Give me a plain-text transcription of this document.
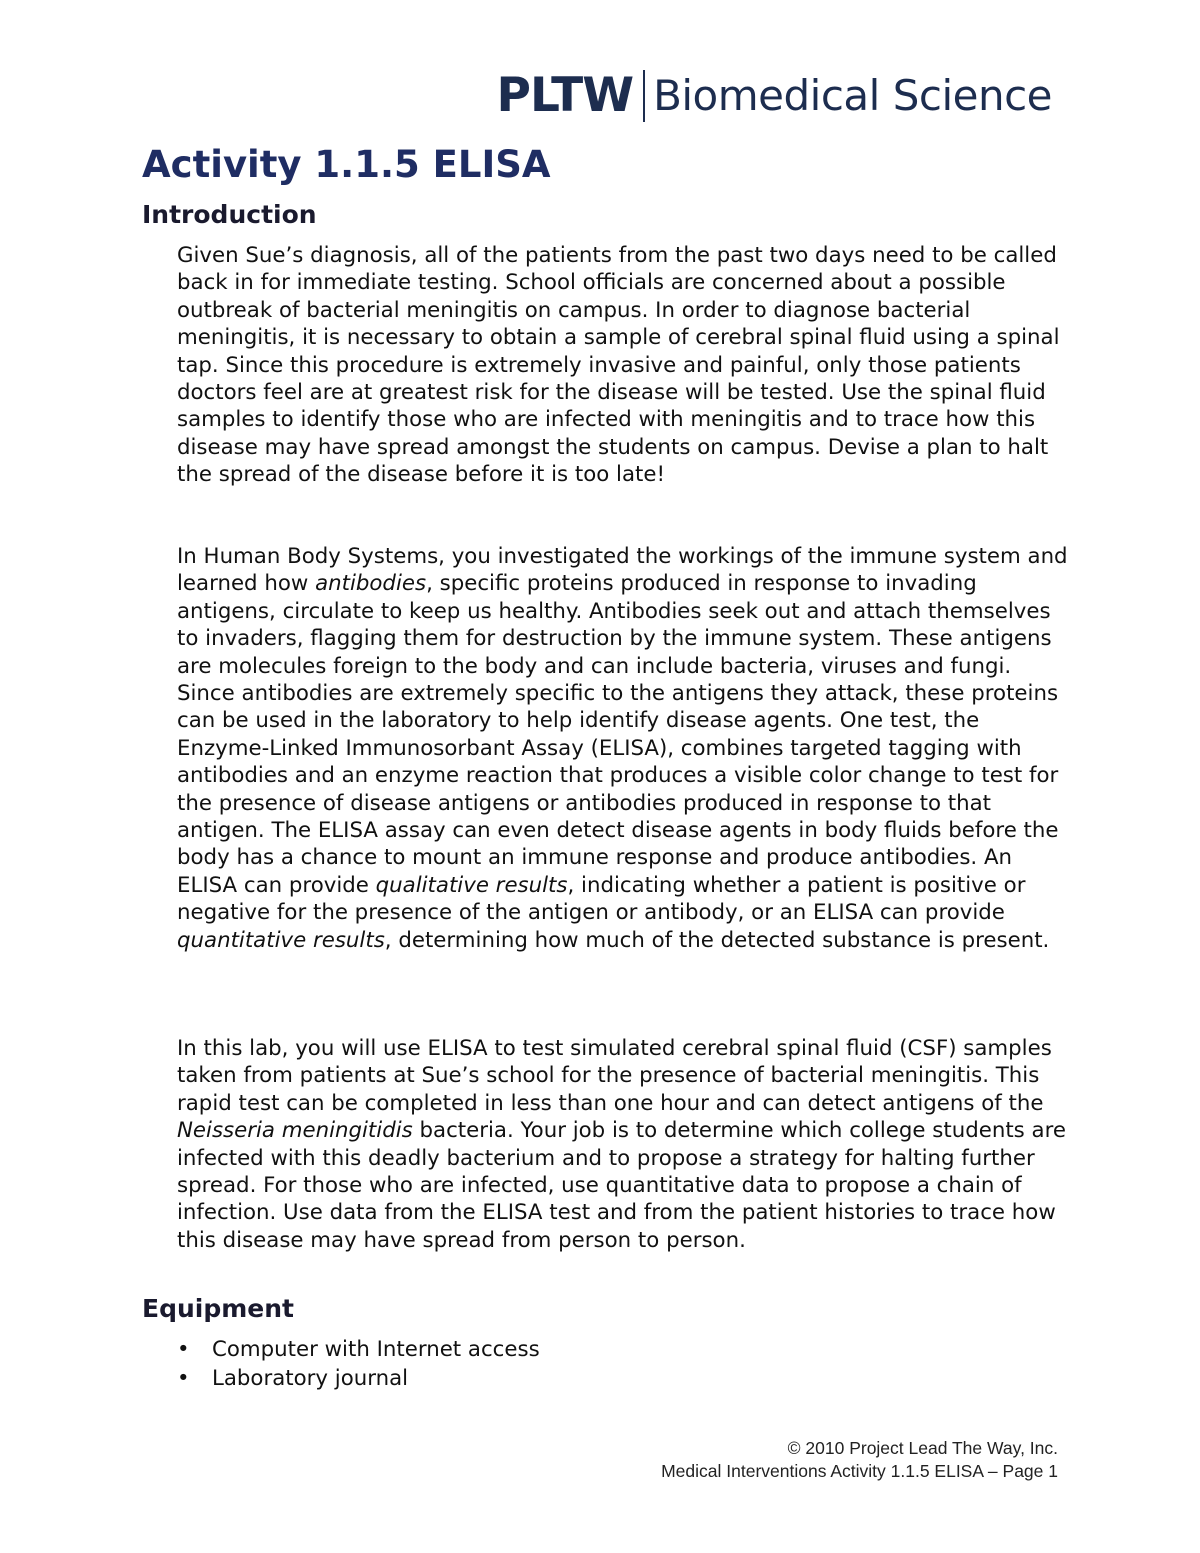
PLTW Biomedical Science
Activity 1.1.5 ELISA
Introduction

Given Sue’s diagnosis, all of the patients from the past two days need to be called back in for immediate testing. School officials are concerned about a possible outbreak of bacterial meningitis on campus. In order to diagnose bacterial meningitis, it is necessary to obtain a sample of cerebral spinal fluid using a spinal tap. Since this procedure is extremely invasive and painful, only those patients doctors feel are at greatest risk for the disease will be tested. Use the spinal fluid samples to identify those who are infected with meningitis and to trace how this disease may have spread amongst the students on campus. Devise a plan to halt the spread of the disease before it is too late!

In Human Body Systems, you investigated the workings of the immune system and learned how antibodies, specific proteins produced in response to invading antigens, circulate to keep us healthy. Antibodies seek out and attach themselves to invaders, flagging them for destruction by the immune system. These antigens are molecules foreign to the body and can include bacteria, viruses and fungi. Since antibodies are extremely specific to the antigens they attack, these proteins can be used in the laboratory to help identify disease agents. One test, the Enzyme-Linked Immunosorbant Assay (ELISA), combines targeted tagging with antibodies and an enzyme reaction that produces a visible color change to test for the presence of disease antigens or antibodies produced in response to that antigen. The ELISA assay can even detect disease agents in body fluids before the body has a chance to mount an immune response and produce antibodies. An ELISA can provide qualitative results, indicating whether a patient is positive or negative for the presence of the antigen or antibody, or an ELISA can provide quantitative results, determining how much of the detected substance is present.

In this lab, you will use ELISA to test simulated cerebral spinal fluid (CSF) samples taken from patients at Sue’s school for the presence of bacterial meningitis. This rapid test can be completed in less than one hour and can detect antigens of the Neisseria meningitidis bacteria. Your job is to determine which college students are infected with this deadly bacterium and to propose a strategy for halting further spread. For those who are infected, use quantitative data to propose a chain of infection. Use data from the ELISA test and from the patient histories to trace how this disease may have spread from person to person.

Equipment
• Computer with Internet access
• Laboratory journal
© 2010 Project Lead The Way, Inc.
Medical Interventions Activity 1.1.5 ELISA – Page 1
